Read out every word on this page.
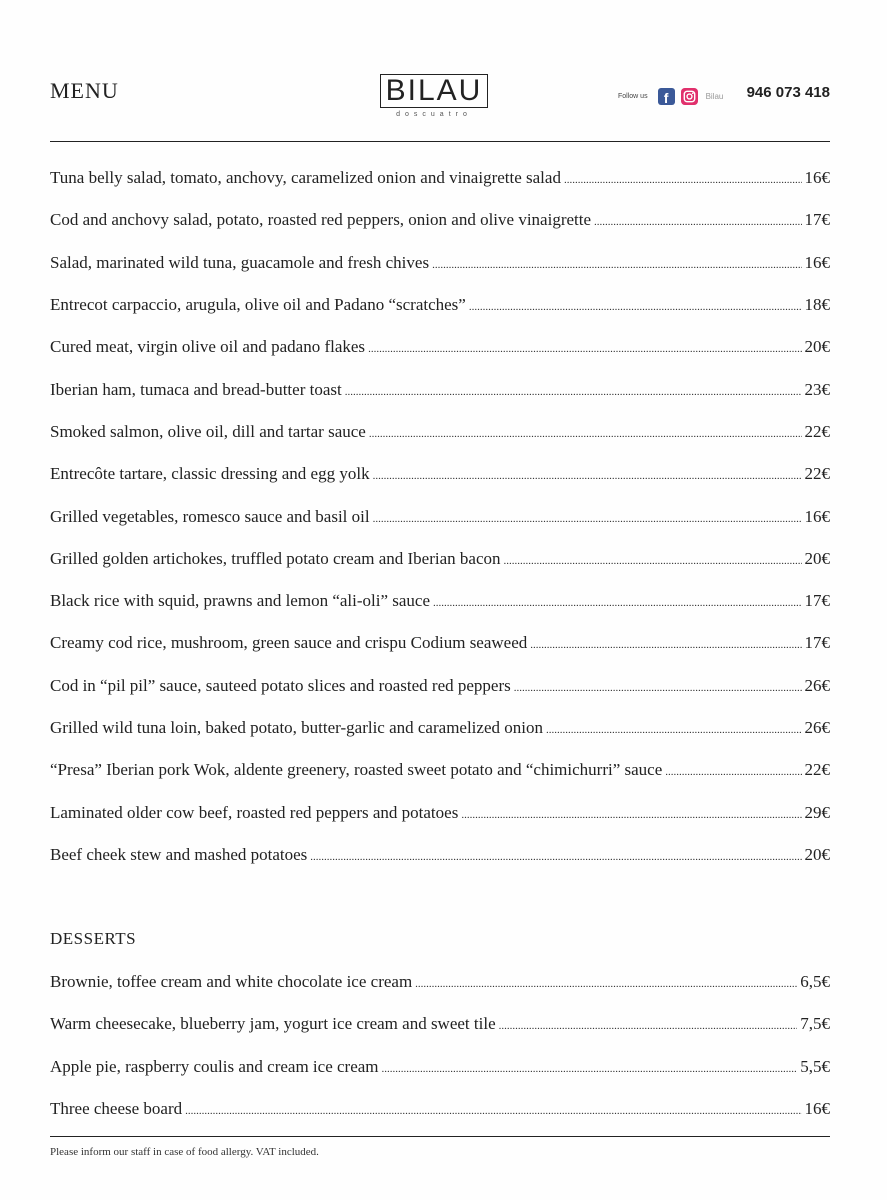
MENU	BILAU
doscuatro
Follow us	f	Bilau 946 073 418
Tuna belly salad, tomato, anchovy, caramelized onion and vinaigrette salad .....	16€
Cod and anchovy salad, potato, roasted red peppers, onion and olive vinaigrette .....	17€
Salad, marinated wild tuna, guacamole and fresh chives .....	16€
Entrecot carpaccio, arugula, olive oil and Padano “scratches” .....	18€
Cured meat, virgin olive oil and padano flakes .....	20€
Iberian ham, tumaca and bread-butter toast .....	23€
Smoked salmon, olive oil, dill and tartar sauce .....	22€
Entrecôte tartare, classic dressing and egg yolk .....	22€
Grilled vegetables, romesco sauce and basil oil .....	16€
Grilled golden artichokes, truffled potato cream and Iberian bacon .....	20€
Black rice with squid, prawns and lemon “ali-oli” sauce .....	17€
Creamy cod rice, mushroom, green sauce and crispu Codium seaweed .....	17€
Cod in “pil pil” sauce, sauteed potato slices and roasted red peppers .....	26€
Grilled wild tuna loin, baked potato, butter-garlic and caramelized onion .....	26€
“Presa” Iberian pork Wok, aldente greenery, roasted sweet potato and “chimichurri” sauce .....	22€
Laminated older cow beef, roasted red peppers and potatoes .....	29€
Beef cheek stew and mashed potatoes .....	20€
DESSERTS
Brownie, toffee cream and white chocolate ice cream .....	6,5€
Warm cheesecake, blueberry jam, yogurt ice cream and sweet tile .....	7,5€
Apple pie, raspberry coulis and cream ice cream .....	5,5€
Three cheese board .....	16€
Please inform our staff in case of food allergy. VAT included.
